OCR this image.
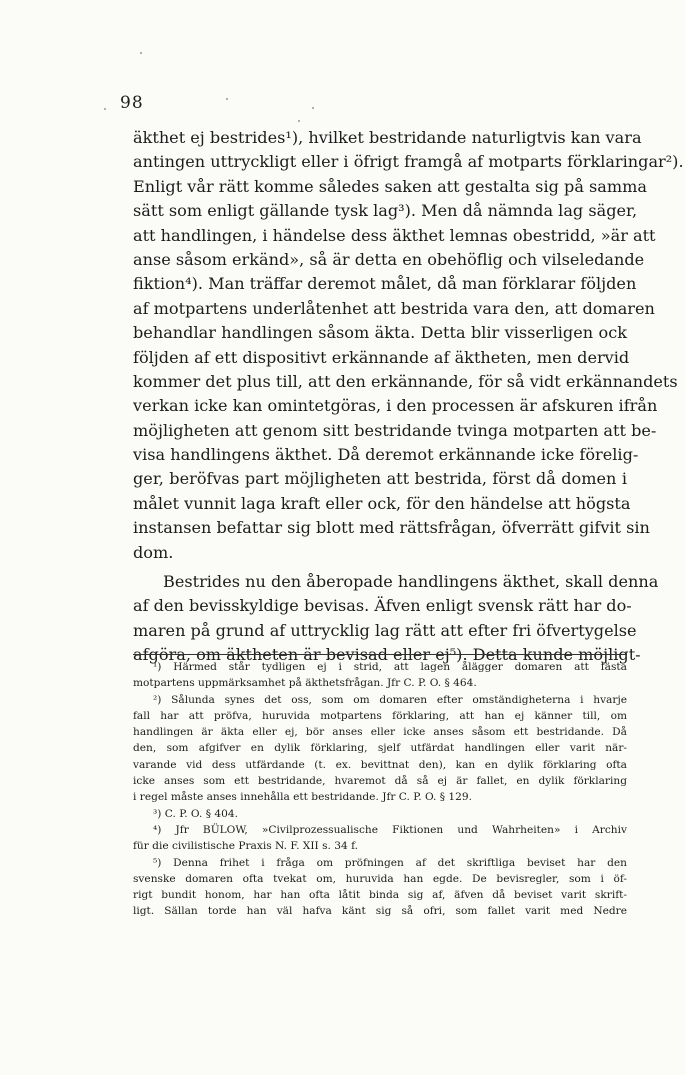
98
äkthet ej bestrides¹), hvilket bestridande naturligtvis kan vara
antingen uttryckligt eller i öfrigt framgå af motparts förklaringar²).
Enligt vår rätt komme således saken att gestalta sig på samma
sätt som enligt gällande tysk lag³). Men då nämnda lag säger,
att handlingen, i händelse dess äkthet lemnas obestridd, »är att
anse såsom erkänd», så är detta en obehöflig och vilseledande
fiktion⁴). Man träffar deremot målet, då man förklarar följden
af motpartens underlåtenhet att bestrida vara den, att domaren
behandlar handlingen såsom äkta. Detta blir visserligen ock
följden af ett dispositivt erkännande af äktheten, men dervid
kommer det plus till, att den erkännande, för så vidt erkännandets
verkan icke kan omintetgöras, i den processen är afskuren ifrån
möjligheten att genom sitt bestridande tvinga motparten att be-
visa handlingens äkthet. Då deremot erkännande icke förelig-
ger, beröfvas part möjligheten att bestrida, först då domen i
målet vunnit laga kraft eller ock, för den händelse att högsta
instansen befattar sig blott med rättsfrågan, öfverrätt gifvit sin
dom.
Bestrides nu den åberopade handlingens äkthet, skall denna
af den bevisskyldige bevisas. Äfven enligt svensk rätt har do-
maren på grund af uttrycklig lag rätt att efter fri öfvertygelse
afgöra, om äktheten är bevisad eller ej⁵). Detta kunde möjligt-
¹) Härmed står tydligen ej i strid, att lagen ålägger domaren att fästa
motpartens uppmärksamhet på äkthetsfrågan. Jfr C. P. O. § 464.
²) Sålunda synes det oss, som om domaren efter omständigheterna i hvarje
fall har att pröfva, huruvida motpartens förklaring, att han ej känner till, om
handlingen är äkta eller ej, bör anses eller icke anses såsom ett bestridande. Då
den, som afgifver en dylik förklaring, sjelf utfärdat handlingen eller varit när-
varande vid dess utfärdande (t. ex. bevittnat den), kan en dylik förklaring ofta
icke anses som ett bestridande, hvaremot då så ej är fallet, en dylik förklaring
i regel måste anses innehålla ett bestridande. Jfr C. P. O. § 129.
³) C. P. O. § 404.
⁴) Jfr BÜLOW, »Civilprozessualische Fiktionen und Wahrheiten» i Archiv
für die civilistische Praxis N. F. XII s. 34 f.
⁵) Denna frihet i fråga om pröfningen af det skriftliga beviset har den
svenske domaren ofta tvekat om, huruvida han egde. De bevisregler, som i öf-
rigt bundit honom, har han ofta låtit binda sig af, äfven då beviset varit skrift-
ligt. Sällan torde han väl hafva känt sig så ofri, som fallet varit med Nedre
